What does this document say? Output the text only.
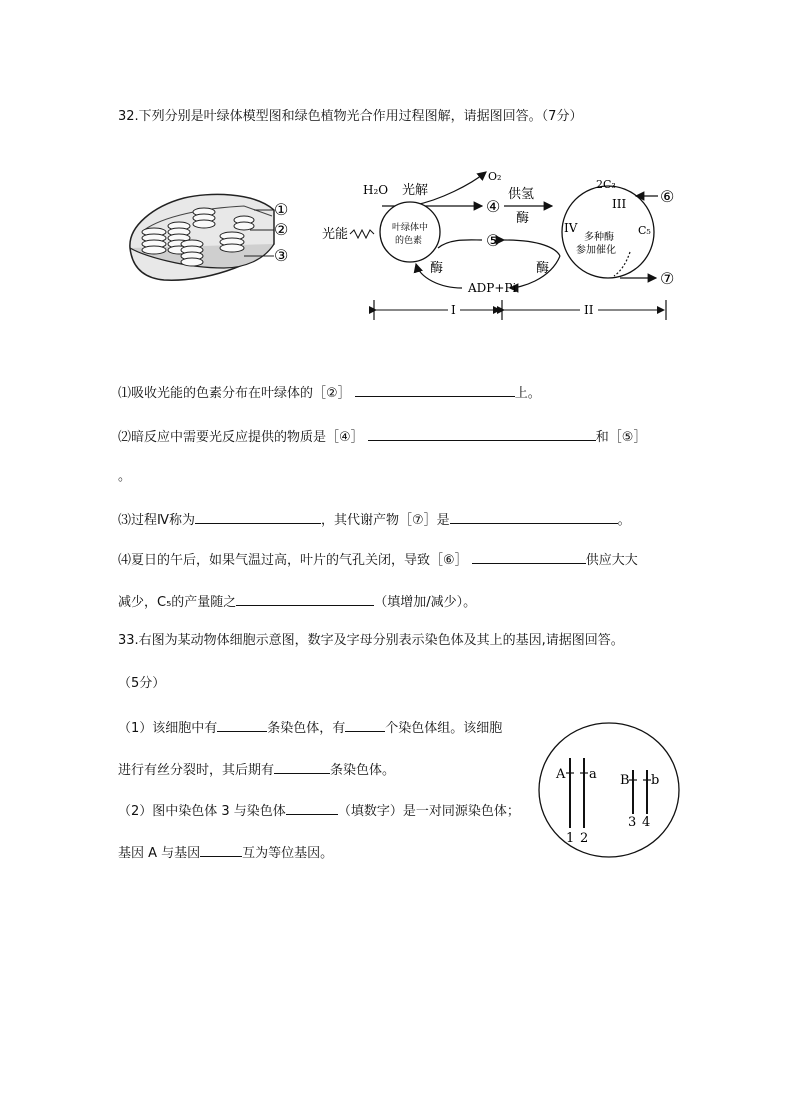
32.下列分别是叶绿体模型图和绿色植物光合作用过程图解，请据图回答。（7分）
①
②
③
H₂O 光解
O₂
④
供氢
酶
光能	叶绿体中
的色素	⑤
酶	酶
ADP+Pi
2C₃
III
IV
多种酶
参加催化
C₅
⑥
⑦
I	II
⑴吸收光能的色素分布在叶绿体的［②］	上。
⑵暗反应中需要光反应提供的物质是［④］	和［⑤］
。
⑶过程Ⅳ称为	，其代谢产物［⑦］是	。
⑷夏日的午后，如果气温过高，叶片的气孔关闭，导致［⑥］	供应大大
减少，C₅的产量随之	（填增加/减少）。
33.右图为某动物体细胞示意图，数字及字母分别表示染色体及其上的基因,请据图回答。
（5分）
（1）该细胞中有	条染色体，有	个染色体组。该细胞
进行有丝分裂时，其后期有	条染色体。
（2）图中染色体 3 与染色体	（填数字）是一对同源染色体；
基因 A 与基因	互为等位基因。
A a B b
1 2
3 4
